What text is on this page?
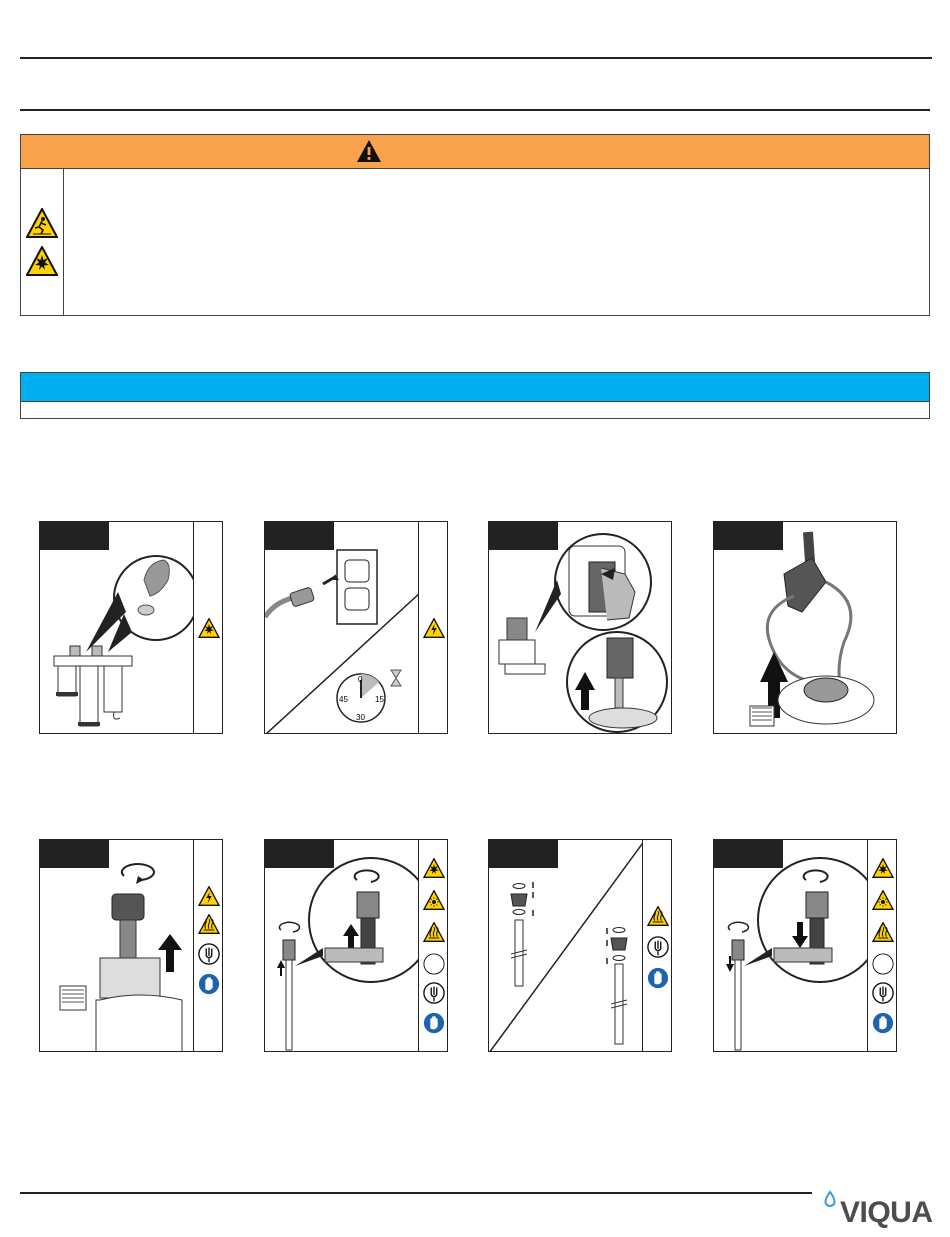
0
15
30
45
VIQUA
